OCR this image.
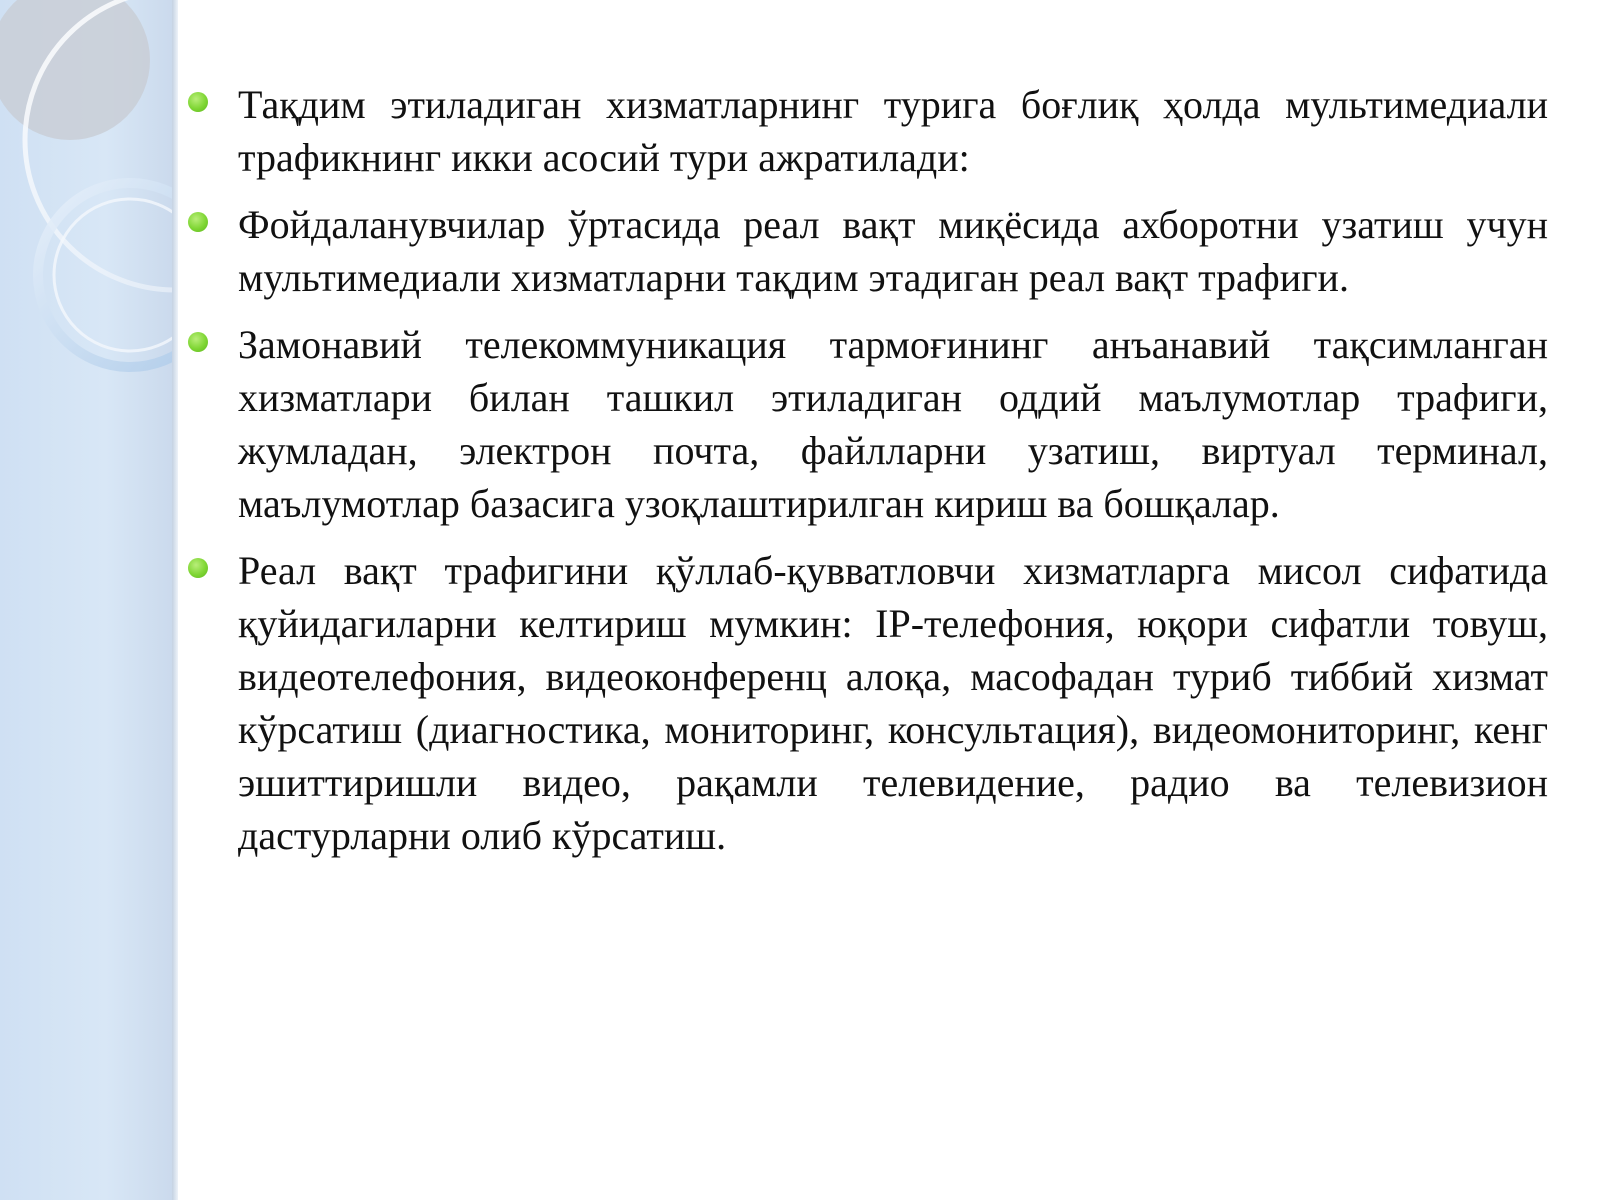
Тақдим этиладиган хизматларнинг турига боғлиқ ҳолда мультимедиали трафикнинг икки асосий тури ажратилади:
Фойдаланувчилар ўртасида реал вақт миқёсида ахборотни узатиш учун мультимедиали хизматларни тақдим этадиган реал вақт трафиги.
Замонавий телекоммуникация тармоғининг анъанавий тақсимланган хизматлари билан ташкил этиладиган оддий маълумотлар трафиги, жумладан, электрон почта, файлларни узатиш, виртуал терминал, маълумотлар базасига узоқлаштирилган кириш ва бошқалар.
Реал вақт трафигини қўллаб-қувватловчи хизматларга мисол сифатида қуйидагиларни келтириш мумкин: IP-телефония, юқори сифатли товуш, видеотелефония, видеоконференц алоқа, масофадан туриб тиббий хизмат кўрсатиш (диагностика, мониторинг, консультация), видеомониторинг, кенг эшиттиришли видео, рақамли телевидение, радио ва телевизион дастурларни олиб кўрсатиш.
